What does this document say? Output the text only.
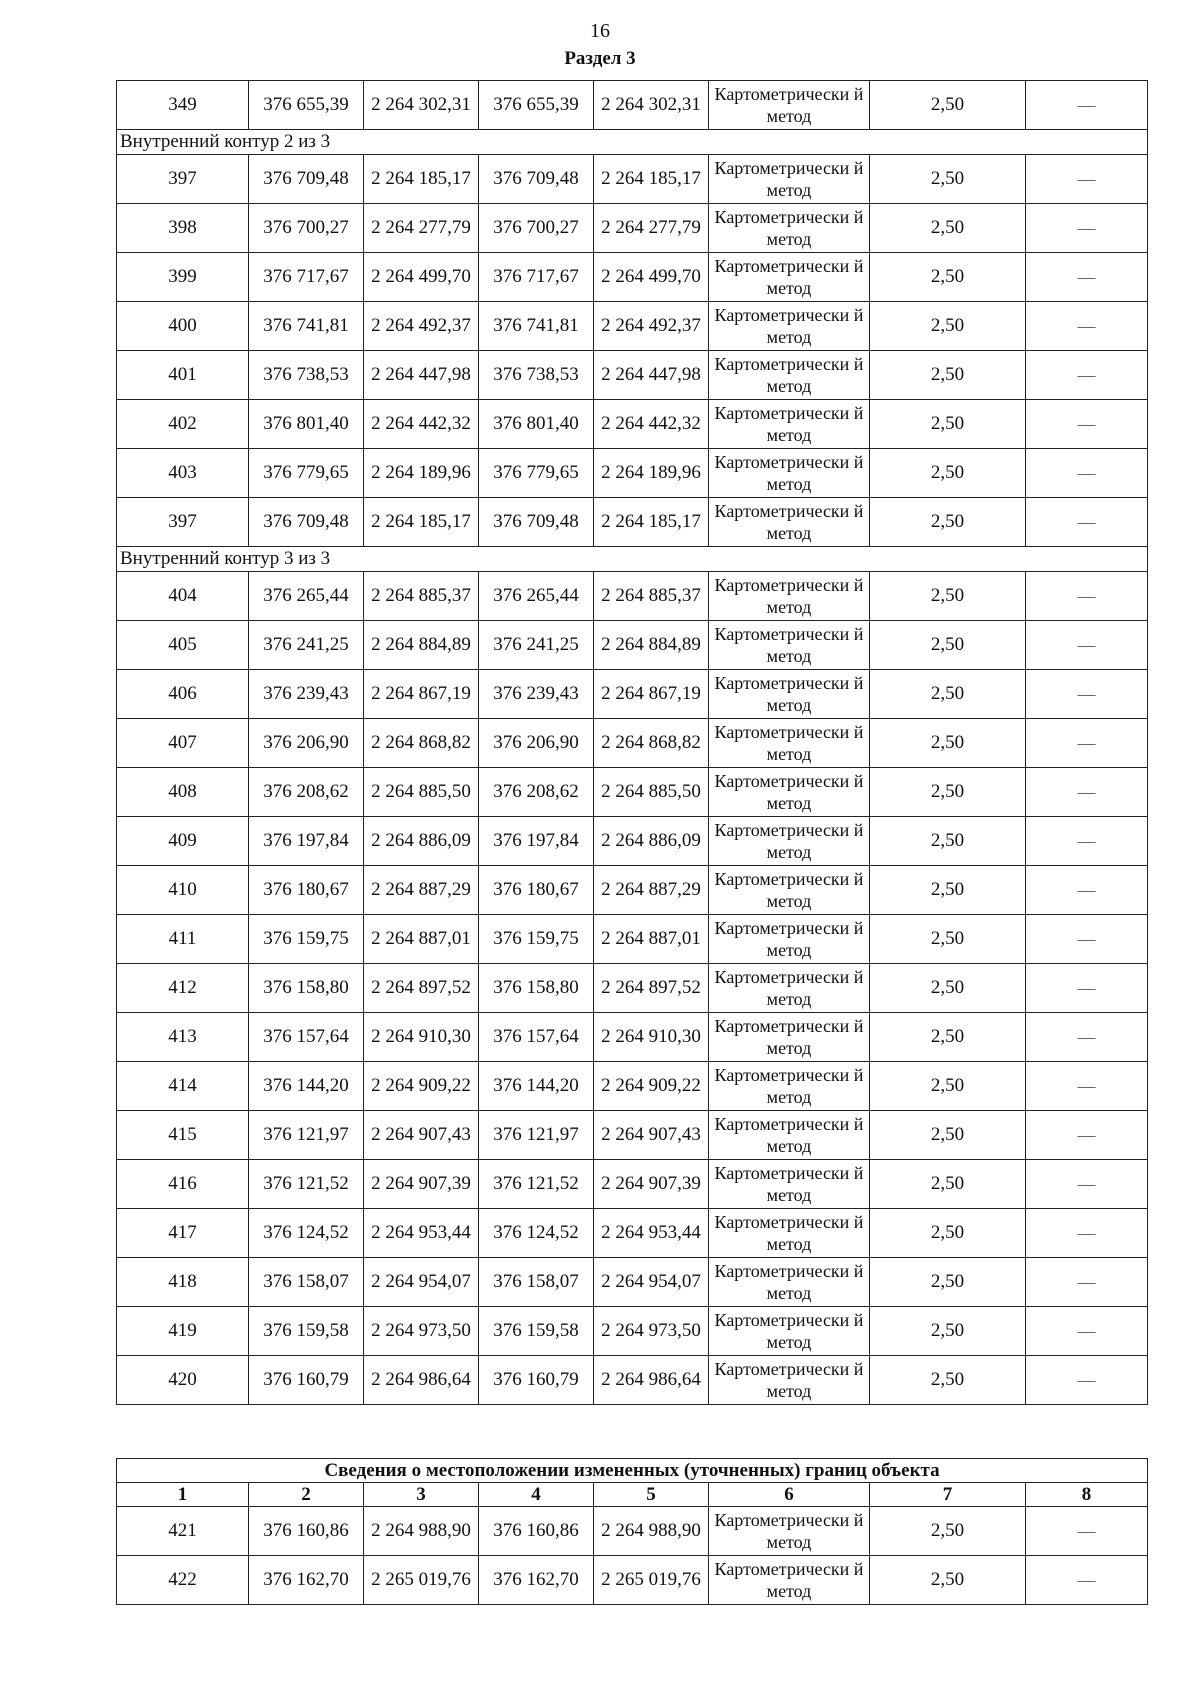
16
Раздел 3
349	376 655,39	2 264 302,31	376 655,39	2 264 302,31	Картометрически й метод	2,50	—
Внутренний контур 2 из 3							
397	376 709,48	2 264 185,17	376 709,48	2 264 185,17	Картометрически й метод	2,50	—
398	376 700,27	2 264 277,79	376 700,27	2 264 277,79	Картометрически й метод	2,50	—
399	376 717,67	2 264 499,70	376 717,67	2 264 499,70	Картометрически й метод	2,50	—
400	376 741,81	2 264 492,37	376 741,81	2 264 492,37	Картометрически й метод	2,50	—
401	376 738,53	2 264 447,98	376 738,53	2 264 447,98	Картометрически й метод	2,50	—
402	376 801,40	2 264 442,32	376 801,40	2 264 442,32	Картометрически й метод	2,50	—
403	376 779,65	2 264 189,96	376 779,65	2 264 189,96	Картометрически й метод	2,50	—
397	376 709,48	2 264 185,17	376 709,48	2 264 185,17	Картометрически й метод	2,50	—
Внутренний контур 3 из 3							
404	376 265,44	2 264 885,37	376 265,44	2 264 885,37	Картометрически й метод	2,50	—
405	376 241,25	2 264 884,89	376 241,25	2 264 884,89	Картометрически й метод	2,50	—
406	376 239,43	2 264 867,19	376 239,43	2 264 867,19	Картометрически й метод	2,50	—
407	376 206,90	2 264 868,82	376 206,90	2 264 868,82	Картометрически й метод	2,50	—
408	376 208,62	2 264 885,50	376 208,62	2 264 885,50	Картометрически й метод	2,50	—
409	376 197,84	2 264 886,09	376 197,84	2 264 886,09	Картометрически й метод	2,50	—
410	376 180,67	2 264 887,29	376 180,67	2 264 887,29	Картометрически й метод	2,50	—
411	376 159,75	2 264 887,01	376 159,75	2 264 887,01	Картометрически й метод	2,50	—
412	376 158,80	2 264 897,52	376 158,80	2 264 897,52	Картометрически й метод	2,50	—
413	376 157,64	2 264 910,30	376 157,64	2 264 910,30	Картометрически й метод	2,50	—
414	376 144,20	2 264 909,22	376 144,20	2 264 909,22	Картометрически й метод	2,50	—
415	376 121,97	2 264 907,43	376 121,97	2 264 907,43	Картометрически й метод	2,50	—
416	376 121,52	2 264 907,39	376 121,52	2 264 907,39	Картометрически й метод	2,50	—
417	376 124,52	2 264 953,44	376 124,52	2 264 953,44	Картометрически й метод	2,50	—
418	376 158,07	2 264 954,07	376 158,07	2 264 954,07	Картометрически й метод	2,50	—
419	376 159,58	2 264 973,50	376 159,58	2 264 973,50	Картометрически й метод	2,50	—
420	376 160,79	2 264 986,64	376 160,79	2 264 986,64	Картометрически й метод	2,50	—
Сведения о местоположении измененных (уточненных) границ объекта							
1	2	3	4	5	6	7	8
421	376 160,86	2 264 988,90	376 160,86	2 264 988,90	Картометрически й метод	2,50	—
422	376 162,70	2 265 019,76	376 162,70	2 265 019,76	Картометрически й метод	2,50	—
